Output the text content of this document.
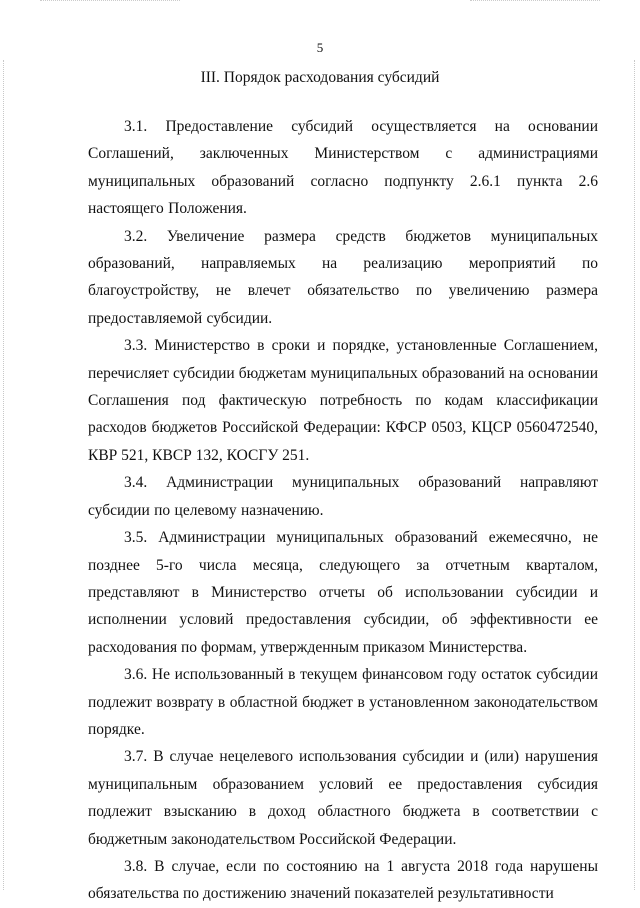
5
III. Порядок расходования субсидий

3.1. Предоставление субсидий осуществляется на основании Соглашений, заключенных Министерством с администрациями муниципальных образований согласно подпункту 2.6.1 пункта 2.6 настоящего Положения.

3.2. Увеличение размера средств бюджетов муниципальных образований, направляемых на реализацию мероприятий по благоустройству, не влечет обязательство по увеличению размера предоставляемой субсидии.

3.3. Министерство в сроки и порядке, установленные Соглашением, перечисляет субсидии бюджетам муниципальных образований на основании Соглашения под фактическую потребность по кодам классификации расходов бюджетов Российской Федерации: КФСР 0503, КЦСР 0560472540, КВР 521, КВСР 132, КОСГУ 251.

3.4. Администрации муниципальных образований направляют субсидии по целевому назначению.

3.5. Администрации муниципальных образований ежемесячно, не позднее 5-го числа месяца, следующего за отчетным кварталом, представляют в Министерство отчеты об использовании субсидии и исполнении условий предоставления субсидии, об эффективности ее расходования по формам, утвержденным приказом Министерства.

3.6. Не использованный в текущем финансовом году остаток субсидии подлежит возврату в областной бюджет в установленном законодательством порядке.

3.7. В случае нецелевого использования субсидии и (или) нарушения муниципальным образованием условий ее предоставления субсидия подлежит взысканию в доход областного бюджета в соответствии с бюджетным законодательством Российской Федерации.

3.8. В случае, если по состоянию на 1 августа 2018 года нарушены обязательства по достижению значений показателей результативности
